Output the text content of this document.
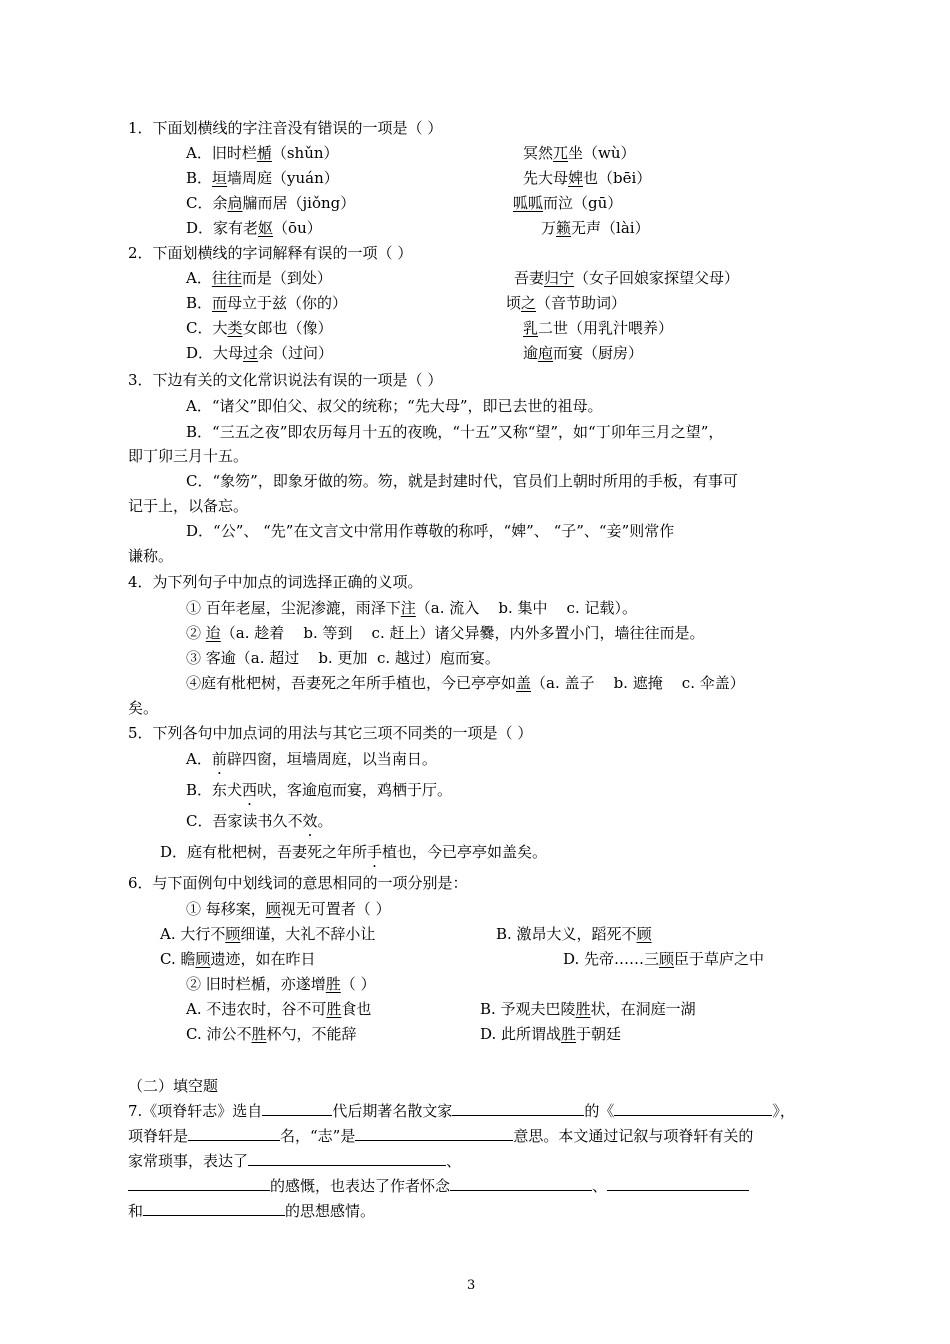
1．下面划横线的字注音没有错误的一项是（ ）
A．旧时栏楯（shǔn）	冥然兀坐（wù）
B．垣墙周庭（yuán）	先大母婢也（bēi）
C．余扃牖而居（jiǒng）	呱呱而泣（gū）
D．家有老妪（ōu）	万籁无声（lài）
2．下面划横线的字词解释有误的一项（ ）
A．往往而是（到处）	吾妻归宁（女子回娘家探望父母）
B．而母立于兹（你的）	顷之（音节助词）
C．大类女郎也（像）	乳二世（用乳汁喂养）
D．大母过余（过问）	逾庖而宴（厨房）
3．下边有关的文化常识说法有误的一项是（ ）
A．“诸父”即伯父、叔父的统称；“先大母”，即已去世的祖母。
B．“三五之夜”即农历每月十五的夜晚，“十五”又称“望”，如“丁卯年三月之望”，
即丁卯三月十五。
C．“象笏”，即象牙做的笏。笏，就是封建时代，官员们上朝时所用的手板，有事可
记于上，以备忘。
D．“公”、 “先”在文言文中常用作尊敬的称呼，“婢”、 “子”、“妾”则常作
谦称。
4．为下列句子中加点的词选择正确的义项。
① 百年老屋，尘泥渗漉，雨泽下注（a. 流入    b. 集中    c. 记载）。
② 迨（a. 趁着    b. 等到    c. 赶上）诸父异爨，内外多置小门，墙往往而是。
③ 客逾（a. 超过    b. 更加  c. 越过）庖而宴。
④庭有枇杷树，吾妻死之年所手植也，今已亭亭如盖（a. 盖子    b. 遮掩    c. 伞盖）
矣。
5．下列各句中加点词的用法与其它三项不同类的一项是（ ）
A．前辟四窗，垣墙周庭，以当南日。
B．东犬西吠，客逾庖而宴，鸡栖于厅。
C．吾家读书久不效。
D．庭有枇杷树，吾妻死之年所手植也，今已亭亭如盖矣。
6．与下面例句中划线词的意思相同的一项分别是：
① 每移案，顾视无可置者（ ）
A. 大行不顾细谨，大礼不辞小让	B. 激昂大义，蹈死不顾
C. 瞻顾遗迹，如在昨日	D. 先帝……三顾臣于草庐之中
② 旧时栏楯，亦遂增胜（ ）
A. 不违农时，谷不可胜食也	B. 予观夫巴陵胜状，在洞庭一湖
C. 沛公不胜杯勺，不能辞	D. 此所谓战胜于朝廷
（二）填空题
7.《项脊轩志》选自	代后期著名散文家	的《	》，
项脊轩是	名，“志”是	意思。本文通过记叙与项脊轩有关的
家常琐事，表达了	、
的感慨，也表达了作者怀念	、
和	的思想感情。
3
